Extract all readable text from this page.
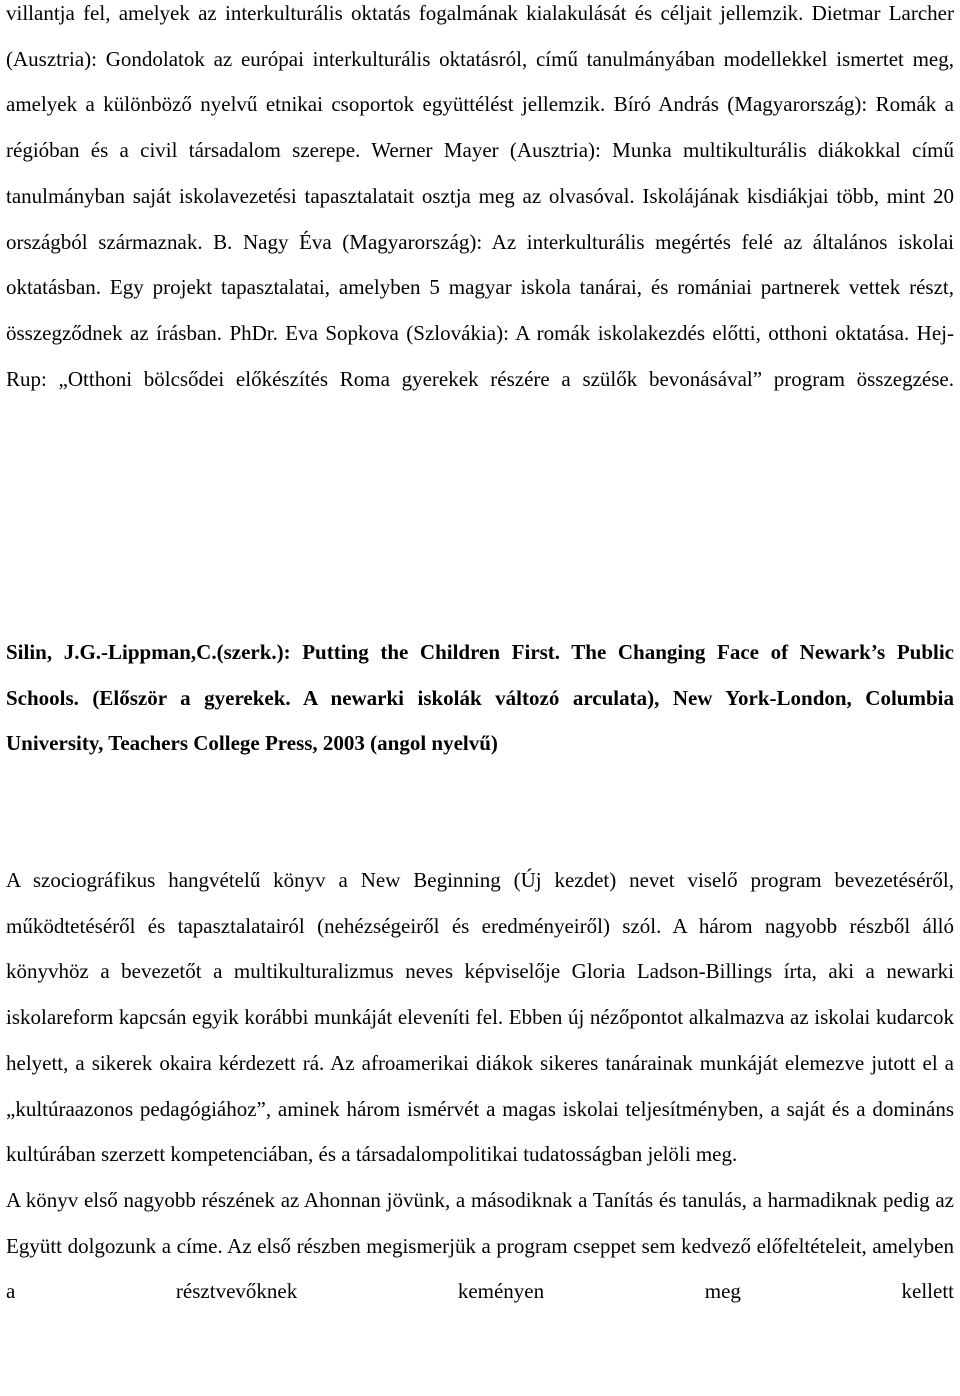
villantja fel, amelyek az interkulturális oktatás fogalmának kialakulását és céljait jellemzik. Dietmar Larcher (Ausztria): Gondolatok az európai interkulturális oktatásról, című tanulmányában modellekkel ismertet meg, amelyek a különböző nyelvű etnikai csoportok együttélést jellemzik. Bíró András (Magyarország): Romák a régióban és a civil társadalom szerepe. Werner Mayer (Ausztria): Munka multikulturális diákokkal című tanulmányban saját iskolavezetési tapasztalatait osztja meg az olvasóval. Iskolájának kisdiákjai több, mint 20 országból származnak. B. Nagy Éva (Magyarország): Az interkulturális megértés felé az általános iskolai oktatásban. Egy projekt tapasztalatai, amelyben 5 magyar iskola tanárai, és romániai partnerek vettek részt, összegződnek az írásban. PhDr. Eva Sopkova (Szlovákia): A romák iskolakezdés előtti, otthoni oktatása. Hej-Rup: „Otthoni bölcsődei előkészítés Roma gyerekek részére a szülők bevonásával” program összegzése.

Silin, J.G.-Lippman,C.(szerk.): Putting the Children First. The Changing Face of Newark’s Public Schools. (Először a gyerekek. A newarki iskolák változó arculata), New York-London, Columbia University, Teachers College Press, 2003 (angol nyelvű)

A szociográfikus hangvételű könyv a New Beginning (Új kezdet) nevet viselő program bevezetéséről, működtetéséről és tapasztalatairól (nehézségeiről és eredményeiről) szól. A három nagyobb részből álló könyvhöz a bevezetőt a multikulturalizmus neves képviselője Gloria Ladson-Billings írta, aki a newarki iskolareform kapcsán egyik korábbi munkáját eleveníti fel. Ebben új nézőpontot alkalmazva az iskolai kudarcok helyett, a sikerek okaira kérdezett rá. Az afroamerikai diákok sikeres tanárainak munkáját elemezve jutott el a „kultúraazonos pedagógiához”, aminek három ismérvét a magas iskolai teljesítményben, a saját és a domináns kultúrában szerzett kompetenciában, és a társadalompolitikai tudatosságban jelöli meg.

A könyv első nagyobb részének az Ahonnan jövünk, a másodiknak a Tanítás és tanulás, a harmadiknak pedig az Együtt dolgozunk a címe. Az első részben megismerjük a program cseppet sem kedvező előfeltételeit, amelyben a résztvevőknek keményen meg kellett
